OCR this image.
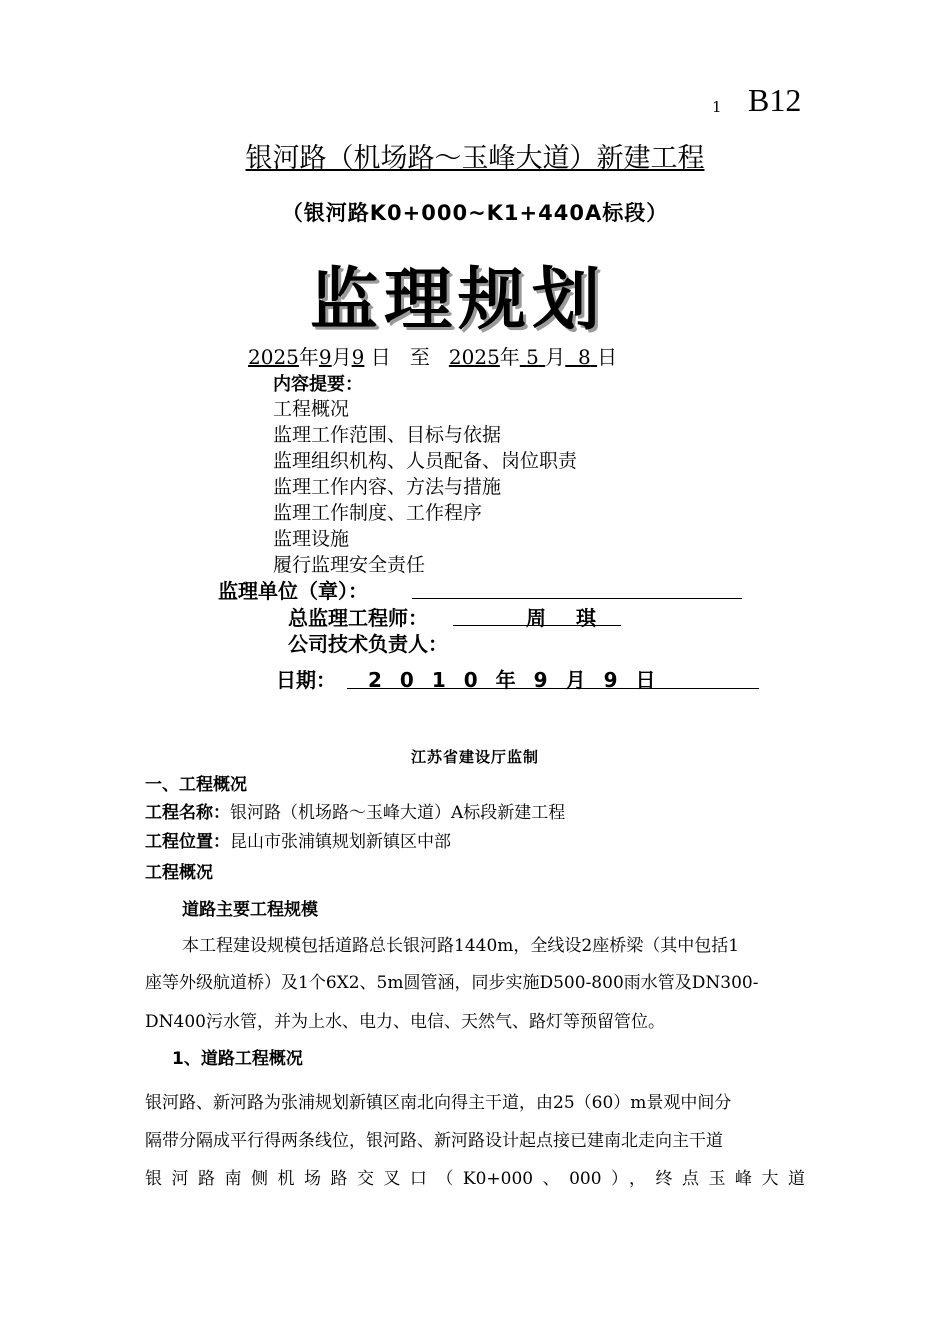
1 B12
银河路（机场路～玉峰大道）新建工程
（银河路K0+000~K1+440A标段）
监理规划
2025年9月9 日 至 2025年 5 月 8 日
内容提要：
工程概况
监理工作范围、目标与依据
监理组织机构、人员配备、岗位职责
监理工作内容、方法与措施
监理工作制度、工作程序
监理设施
履行监理安全责任
监理单位（章）：
总监理工程师：	周琪
公司技术负责人：
日期： 2010年9月9日
江苏省建设厅监制
一、工程概况
工程名称：银河路（机场路～玉峰大道）A标段新建工程
工程位置：昆山市张浦镇规划新镇区中部
工程概况
道路主要工程规模
本工程建设规模包括道路总长银河路1440m，全线设2座桥梁（其中包括1
座等外级航道桥）及1个6X2、5m圆管涵，同步实施D500-800雨水管及DN300-
DN400污水管，并为上水、电力、电信、天然气、路灯等预留管位。
1、道路工程概况
银河路、新河路为张浦规划新镇区南北向得主干道，由25（60）m景观中间分
隔带分隔成平行得两条线位，银河路、新河路设计起点接已建南北走向主干道
银河路南侧机场路交叉口（K0+000、000），终点玉峰大道
